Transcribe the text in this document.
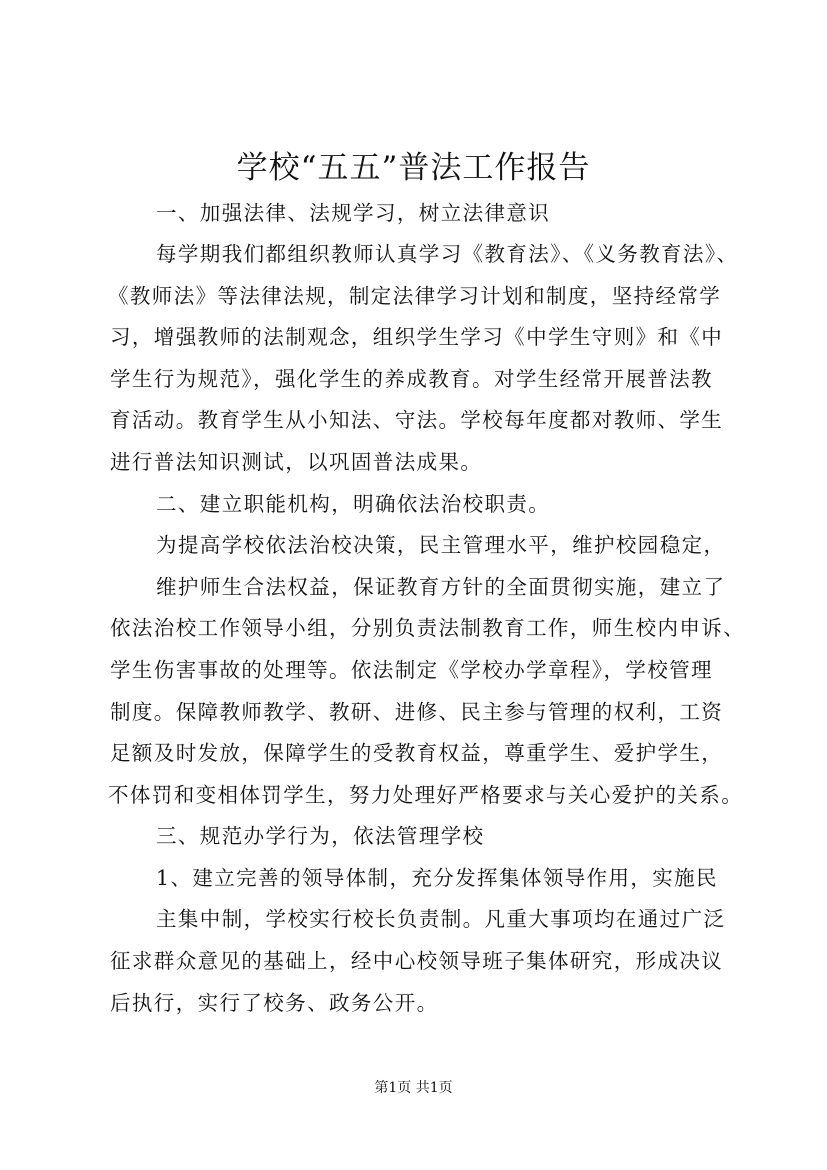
学校“五五”普法工作报告
一、加强法律、法规学习，树立法律意识
每学期我们都组织教师认真学习《教育法》、《义务教育法》、
《教师法》等法律法规，制定法律学习计划和制度，坚持经常学
习，增强教师的法制观念，组织学生学习《中学生守则》和《中
学生行为规范》，强化学生的养成教育。对学生经常开展普法教
育活动。教育学生从小知法、守法。学校每年度都对教师、学生
进行普法知识测试，以巩固普法成果。
二、建立职能机构，明确依法治校职责。
为提高学校依法治校决策，民主管理水平，维护校园稳定，
维护师生合法权益，保证教育方针的全面贯彻实施，建立了
依法治校工作领导小组，分别负责法制教育工作，师生校内申诉、
学生伤害事故的处理等。依法制定《学校办学章程》，学校管理
制度。保障教师教学、教研、进修、民主参与管理的权利，工资
足额及时发放，保障学生的受教育权益，尊重学生、爱护学生，
不体罚和变相体罚学生，努力处理好严格要求与关心爱护的关系。
三、规范办学行为，依法管理学校
1、建立完善的领导体制，充分发挥集体领导作用，实施民
主集中制，学校实行校长负责制。凡重大事项均在通过广泛
征求群众意见的基础上，经中心校领导班子集体研究，形成决议
后执行，实行了校务、政务公开。
第1页 共1页
